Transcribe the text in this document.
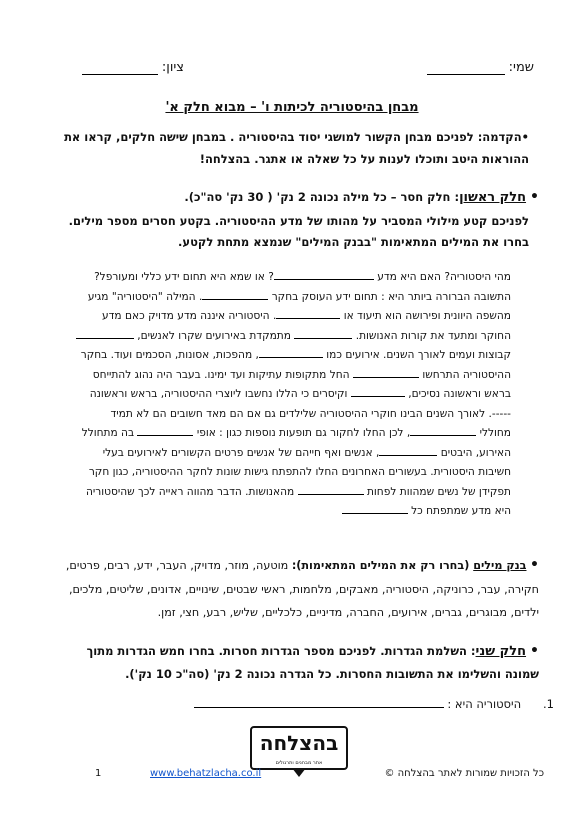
שמי:
ציון:
מבחן בהיסטוריה לכיתות ו' – מבוא חלק א'
•הקדמה: לפניכם מבחן הקשור למושגי יסוד בהיסטוריה . במבחן שישה חלקים, קראו את ההוראות היטב ותוכלו לענות על כל שאלה או אתגר. בהצלחה!
• חלק ראשון: חלק חסר – כל מילה נכונה 2 נק' ( 30 נק' סה"כ).
לפניכם קטע מילולי המסביר על מהותו של מדע ההיסטוריה. בקטע חסרים מספר מילים. בחרו את המילים המתאימות "בבנק המילים" שנמצא מתחת לקטע.
מהי היסטוריה? האם היא מדע ? או שמא היא תחום ידע כללי ומעורפל?
התשובה הברורה ביותר היא : תחום ידע העוסק בחקר . המילה "היסטוריה" מגיע
מהשפה היוונית ופירושה הוא תיעוד או . היסטוריה איננה מדע מדויק כאם מדע
החוקר ומתעד את קורות האנושות.  מתמקדת באירועים שקרו לאנשים,
קבוצות ועמים לאורך השנים. אירועים כמו , מהפכות, אסונות, הסכמים ועוד. בחקר
ההיסטוריה התרחשו  החל מתקופות עתיקות ועד ימינו. בעבר היה נהוג להתייחס
בראש וראשונה נסיכים,  וקיסרים כי הללו נחשבו ליוצרי ההיסטוריה, בראש וראשונה
-----. לאורך השנים הבינו חוקרי ההיסטוריה שלילדים גם אם הם מאד חשובים הם לא תמיד
מחוללי , לכן החלו לחקור גם תופעות נוספות כגון : אופי  בה מתחולל
האירוע, היבטים , אנשים ואף חייהם של אנשים פרטים הקשורים לאירועים בעלי
חשיבות היסטורית. בעשורים האחרונים החלו להתפתח גישות שונות לחקר ההיסטוריה, כגון חקר
תפקידן של נשים שמהוות לפחות  מהאנושות. הדבר מהווה ראייה לכך שהיסטוריה
היא מדע שמתפתח כל
• בנק מילים (בחרו רק את המילים המתאימות): מוטעה, מוזר, מדויק, העבר, ידע, רבים, פרטים, חקירה, עבר, כרוניקה, היסטוריה, מאבקים, מלחמות, ראשי שבטים, שינויים, אדונים, שליטים, מלכים, ילדים, מבוגרים, גברים, אירועים, החברה, מדיניים, כלכליים, שליש, רבע, חצי, זמן.
• חלק שני: השלמת הגדרות. לפניכם מספר הגדרות חסרות. בחרו חמש הגדרות מתוך שמונה והשלימו את התשובות החסרות. כל הגדרה נכונה 2 נק' (סה"כ 10 נק').
1.      היסטוריה היא :
בהצלחה
אתר מבחנים ותרגולים
כל הזכויות שמורות לאתר בהצלחה ©
www.behatzlacha.co.il
1
